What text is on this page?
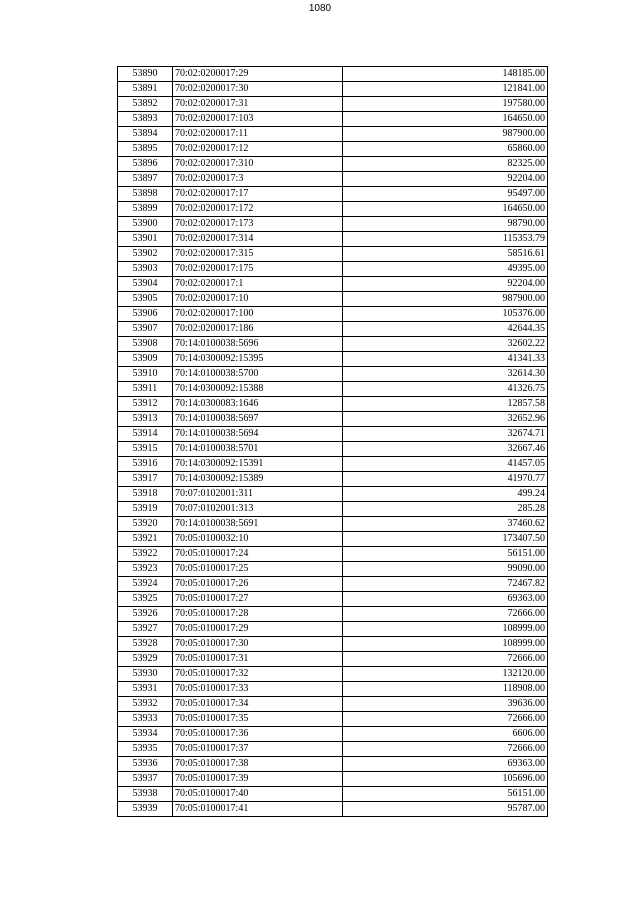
1080
53890	70:02:0200017:29	148185.00
53891	70:02:0200017:30	121841.00
53892	70:02:0200017:31	197580.00
53893	70:02:0200017:103	164650.00
53894	70:02:0200017:11	987900.00
53895	70:02:0200017:12	65860.00
53896	70:02:0200017:310	82325.00
53897	70:02:0200017:3	92204.00
53898	70:02:0200017:17	95497.00
53899	70:02:0200017:172	164650.00
53900	70:02:0200017:173	98790.00
53901	70:02:0200017:314	115353.79
53902	70:02:0200017:315	58516.61
53903	70:02:0200017:175	49395.00
53904	70:02:0200017:1	92204.00
53905	70:02:0200017:10	987900.00
53906	70:02:0200017:100	105376.00
53907	70:02:0200017:186	42644.35
53908	70:14:0100038:5696	32602.22
53909	70:14:0300092:15395	41341.33
53910	70:14:0100038:5700	32614.30
53911	70:14:0300092:15388	41326.75
53912	70:14:0300083:1646	12857.58
53913	70:14:0100038:5697	32652.96
53914	70:14:0100038:5694	32674.71
53915	70:14:0100038:5701	32667.46
53916	70:14:0300092:15391	41457.05
53917	70:14:0300092:15389	41970.77
53918	70:07:0102001:311	499.24
53919	70:07:0102001:313	285.28
53920	70:14:0100038:5691	37460.62
53921	70:05:0100032:10	173407.50
53922	70:05:0100017:24	56151.00
53923	70:05:0100017:25	99090.00
53924	70:05:0100017:26	72467.82
53925	70:05:0100017:27	69363.00
53926	70:05:0100017:28	72666.00
53927	70:05:0100017:29	108999.00
53928	70:05:0100017:30	108999.00
53929	70:05:0100017:31	72666.00
53930	70:05:0100017:32	132120.00
53931	70:05:0100017:33	118908.00
53932	70:05:0100017:34	39636.00
53933	70:05:0100017:35	72666.00
53934	70:05:0100017:36	6606.00
53935	70:05:0100017:37	72666.00
53936	70:05:0100017:38	69363.00
53937	70:05:0100017:39	105696.00
53938	70:05:0100017:40	56151.00
53939	70:05:0100017:41	95787.00
